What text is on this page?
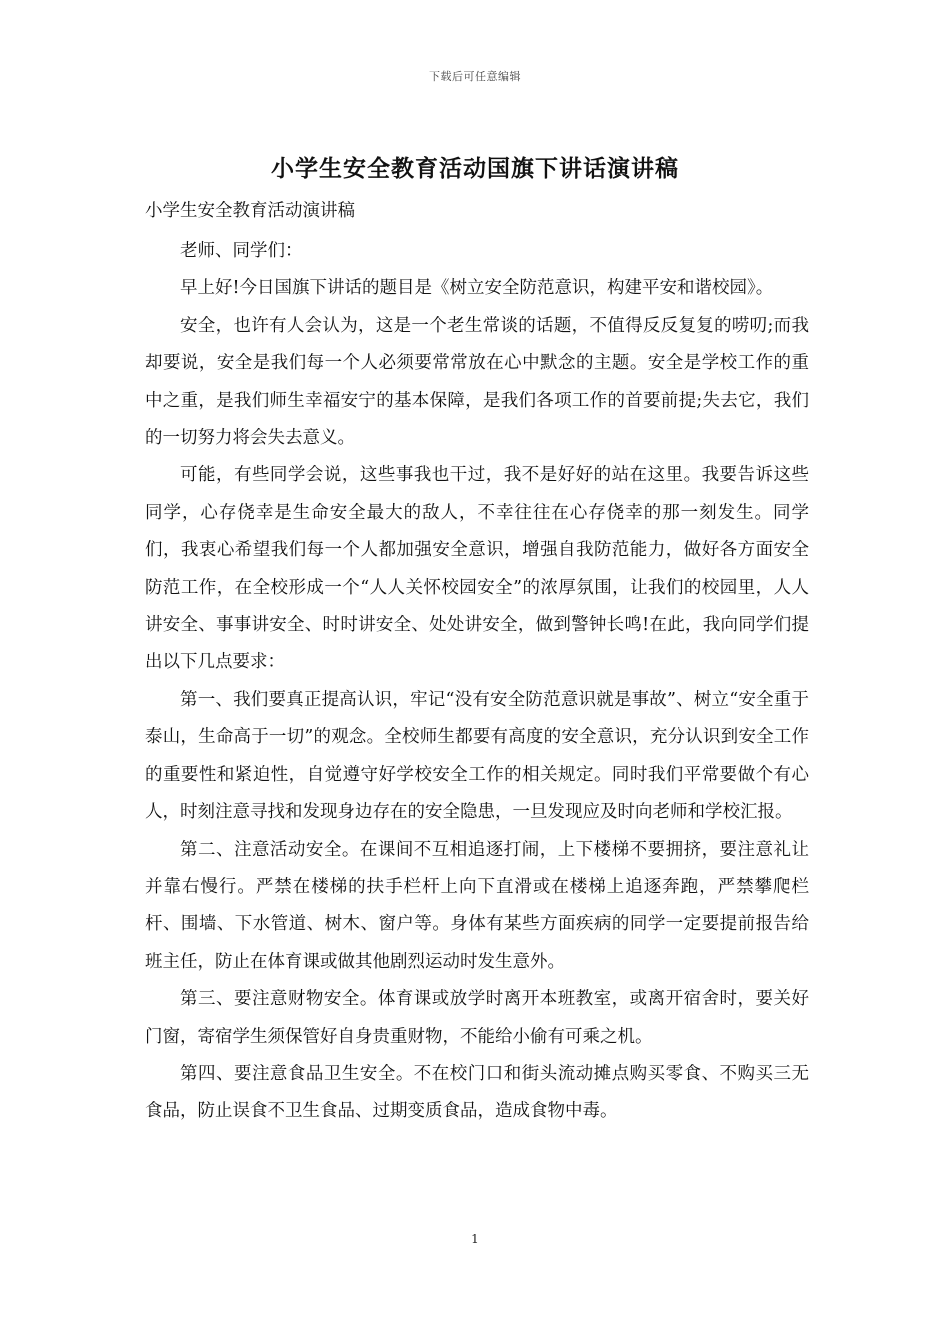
下载后可任意编辑
小学生安全教育活动国旗下讲话演讲稿

小学生安全教育活动演讲稿

老师、同学们：

早上好!今日国旗下讲话的题目是《树立安全防范意识，构建平安和谐校园》。

安全，也许有人会认为，这是一个老生常谈的话题，不值得反反复复的唠叨;而我却要说，安全是我们每一个人必须要常常放在心中默念的主题。安全是学校工作的重中之重，是我们师生幸福安宁的基本保障，是我们各项工作的首要前提;失去它，我们的一切努力将会失去意义。

可能，有些同学会说，这些事我也干过，我不是好好的站在这里。我要告诉这些同学，心存侥幸是生命安全最大的敌人，不幸往往在心存侥幸的那一刻发生。同学们，我衷心希望我们每一个人都加强安全意识，增强自我防范能力，做好各方面安全防范工作，在全校形成一个“人人关怀校园安全”的浓厚氛围，让我们的校园里，人人讲安全、事事讲安全、时时讲安全、处处讲安全，做到警钟长鸣!在此，我向同学们提出以下几点要求：

第一、我们要真正提高认识，牢记“没有安全防范意识就是事故”、树立“安全重于泰山，生命高于一切”的观念。全校师生都要有高度的安全意识，充分认识到安全工作的重要性和紧迫性，自觉遵守好学校安全工作的相关规定。同时我们平常要做个有心人，时刻注意寻找和发现身边存在的安全隐患，一旦发现应及时向老师和学校汇报。

第二、注意活动安全。在课间不互相追逐打闹，上下楼梯不要拥挤，要注意礼让并靠右慢行。严禁在楼梯的扶手栏杆上向下直滑或在楼梯上追逐奔跑，严禁攀爬栏杆、围墙、下水管道、树木、窗户等。身体有某些方面疾病的同学一定要提前报告给班主任，防止在体育课或做其他剧烈运动时发生意外。

第三、要注意财物安全。体育课或放学时离开本班教室，或离开宿舍时，要关好门窗，寄宿学生须保管好自身贵重财物，不能给小偷有可乘之机。

第四、要注意食品卫生安全。不在校门口和街头流动摊点购买零食、不购买三无食品，防止误食不卫生食品、过期变质食品，造成食物中毒。

1
